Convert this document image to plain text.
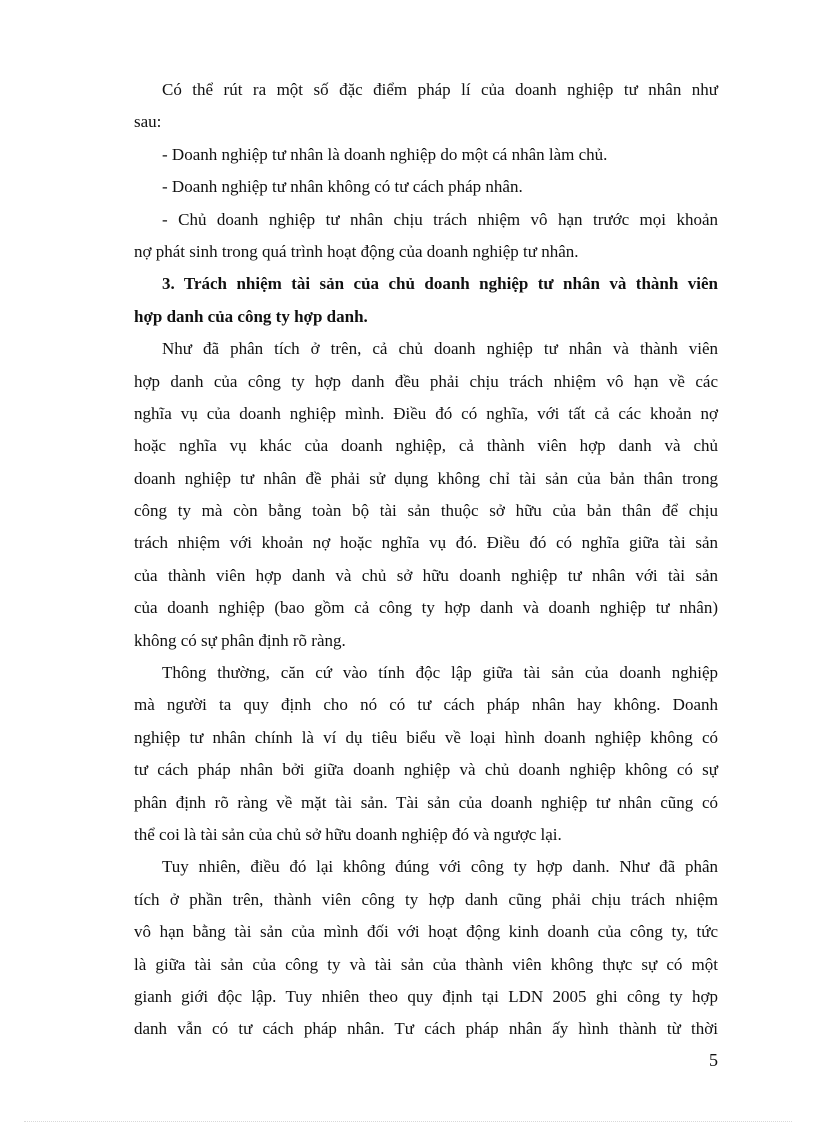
Có thể rút ra một số đặc điểm pháp lí của doanh nghiệp tư nhân như
sau:
- Doanh nghiệp tư nhân là doanh nghiệp do một cá nhân làm chủ.
- Doanh nghiệp tư nhân không có tư cách pháp nhân.
- Chủ doanh nghiệp tư nhân chịu trách nhiệm vô hạn trước mọi khoản
nợ phát sinh trong quá trình hoạt động của doanh nghiệp tư nhân.
3. Trách nhiệm tài sản của chủ doanh nghiệp tư nhân và thành viên
hợp danh của công ty hợp danh.
Như đã phân tích ở trên, cả chủ doanh nghiệp tư nhân và thành viên
hợp danh của công ty hợp danh đều phải chịu trách nhiệm vô hạn về các
nghĩa vụ của doanh nghiệp mình. Điều đó có nghĩa, với tất cả các khoản nợ
hoặc nghĩa vụ khác của doanh nghiệp, cả thành viên hợp danh và chủ
doanh nghiệp tư nhân đề phải sử dụng không chỉ tài sản của bản thân trong
công ty mà còn bằng toàn bộ tài sản thuộc sở hữu của bản thân để chịu
trách nhiệm với khoản nợ hoặc nghĩa vụ đó. Điều đó có nghĩa giữa tài sản
của thành viên hợp danh và chủ sở hữu doanh nghiệp tư nhân với tài sản
của doanh nghiệp (bao gồm cả công ty hợp danh và doanh nghiệp tư nhân)
không có sự phân định rõ ràng.
Thông thường, căn cứ vào tính độc lập giữa tài sản của doanh nghiệp
mà người ta quy định cho nó có tư cách pháp nhân hay không. Doanh
nghiệp tư nhân chính là ví dụ tiêu biểu về loại hình doanh nghiệp không có
tư cách pháp nhân bởi giữa doanh nghiệp và chủ doanh nghiệp không có sự
phân định rõ ràng về mặt tài sản. Tài sản của doanh nghiệp tư nhân cũng có
thể coi là tài sản của chủ sở hữu doanh nghiệp đó và ngược lại.
Tuy nhiên, điều đó lại không đúng với công ty hợp danh. Như đã phân
tích ở phần trên, thành viên công ty hợp danh cũng phải chịu trách nhiệm
vô hạn bằng tài sản của mình đối với hoạt động kinh doanh của công ty, tức
là giữa tài sản của công ty và tài sản của thành viên không thực sự có một
gianh giới độc lập. Tuy nhiên theo quy định tại LDN 2005 ghi công ty hợp
danh vẫn có tư cách pháp nhân. Tư cách pháp nhân ấy hình thành từ thời
5
